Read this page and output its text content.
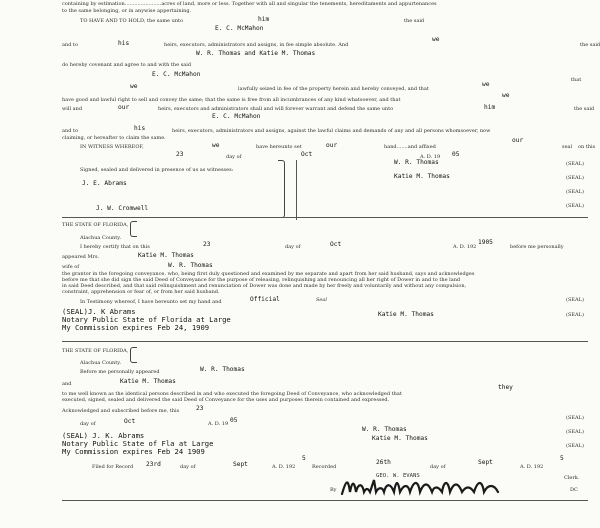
containing by estimation.......................acres of land, more or less. Together with all and singular the tenements, hereditaments and appurtenances
to the same belonging, or in anywise appertaining.
TO HAVE AND TO HOLD, the same unto	him	the said
E. C. McMahon
and to	his	heirs, executors, administrators and assigns, in fee simple absolute. And
we
the said
W. R. Thomas and Katie M. Thomas
do hereby covenant and agree to and with the said
E. C. McMahon
that
we	lawfully seized in fee of the property herein and hereby conveyed, and that
we
have good and lawful right to sell and convey the same; that the same is free from all incumbrances of any kind whatsoever, and that
we
will and	our	heirs, executors and administrators shall and will forever warrant and defend the same unto	him	the said
E. C. McMahon
and to	his	heirs, executors, administrators and assigns, against the lawful claims and demands of any and all persons whomsoever, now
claiming, or hereafter to claim the same.
IN WITNESS WHEREOF,	we	have hereunto set	our	hand.......and affixed
our
seal on this
23	day of	Oct	A. D. 19 05
Signed, sealed and delivered in presence of us as witnesses:
J. E. Abrams
J. W. Cromwell
W. R. Thomas
Katie M. Thomas
(SEAL)
(SEAL)
(SEAL)
(SEAL)
THE STATE OF FLORIDA,
Alachua County.
I hereby certify that on this	23	day of	Oct	A. D. 192
1905
before me personally
appeared Mrs.	Katie M. Thomas
wife of	W. R. Thomas
the grantor in the foregoing conveyance, who, being first duly questioned and examined by me separate and apart from her said husband, says and acknowledges
before me that she did sign the said Deed of Conveyance for the purpose of releasing, relinquishing and renouncing all her right of Dower in and to the land
in said Deed described, and that said relinquishment and renunciation of Dower was done and made by her freely and voluntarily and without any compulsion,
constraint, apprehension or fear of, or from her said husband.
In Testimony whereof, I have hereunto set my hand and	Official	Seal
(SEAL)J. K Abrams
Notary Public State of Florida at Large
My Commission expires Feb 24, 1909
Katie M. Thomas
(SEAL)
(SEAL)
THE STATE OF FLORIDA,
Alachua County.
Before me personally appeared	W. R. Thomas
and	Katie M. Thomas
they
to me well known as the identical persons described in and who executed the foregoing Deed of Conveyance, who acknowledged that
executed, signed, sealed and delivered the said Deed of Conveyance for the uses and purposes therein contained and expressed.
Acknowledged and subscribed before me, this	23
day of	Oct	A. D. 19 05
(SEAL) J. K. Abrams
Notary Public State of Fla at Large
My Commission expires Feb 24 1909
W. R. Thomas
Katie M. Thomas
(SEAL)
(SEAL)
(SEAL)
Filed for Record 23rd	day of	Sept	A. D. 192
5
Recorded
26th
day of
Sept
A. D. 192
5
GEO. W. EVANS	Clerk.
By	DC
